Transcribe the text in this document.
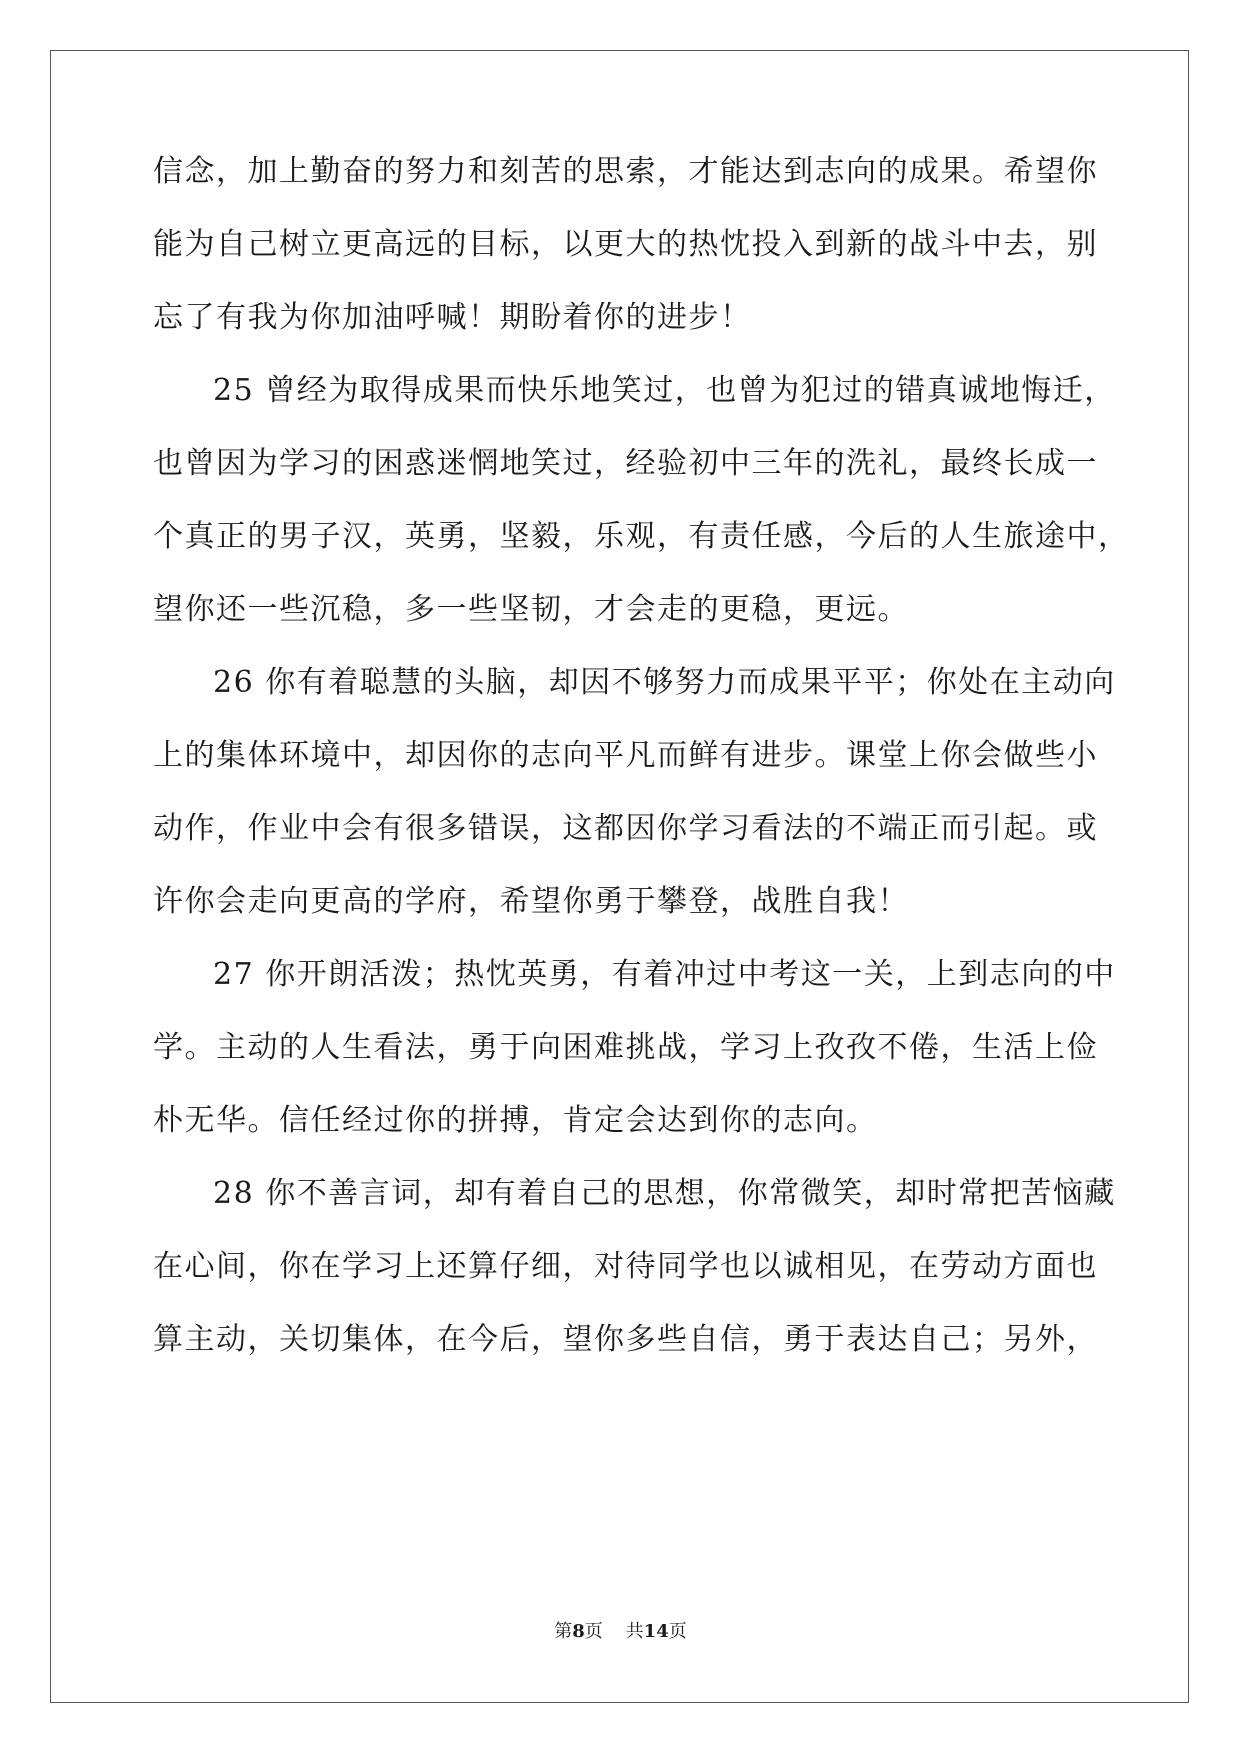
信念，加上勤奋的努力和刻苦的思索，才能达到志向的成果。希望你
能为自己树立更高远的目标，以更大的热忱投入到新的战斗中去，别
忘了有我为你加油呼喊！期盼着你的进步！
25 曾经为取得成果而快乐地笑过，也曾为犯过的错真诚地悔迁，
也曾因为学习的困惑迷惘地笑过，经验初中三年的洗礼，最终长成一
个真正的男子汉，英勇，坚毅，乐观，有责任感，今后的人生旅途中，
望你还一些沉稳，多一些坚韧，才会走的更稳，更远。
26 你有着聪慧的头脑，却因不够努力而成果平平；你处在主动向
上的集体环境中，却因你的志向平凡而鲜有进步。课堂上你会做些小
动作，作业中会有很多错误，这都因你学习看法的不端正而引起。或
许你会走向更高的学府，希望你勇于攀登，战胜自我！
27 你开朗活泼；热忱英勇，有着冲过中考这一关，上到志向的中
学。主动的人生看法，勇于向困难挑战，学习上孜孜不倦，生活上俭
朴无华。信任经过你的拼搏，肯定会达到你的志向。
28 你不善言词，却有着自己的思想，你常微笑，却时常把苦恼藏
在心间，你在学习上还算仔细，对待同学也以诚相见，在劳动方面也
算主动，关切集体，在今后，望你多些自信，勇于表达自己；另外，
第8页 共14页
